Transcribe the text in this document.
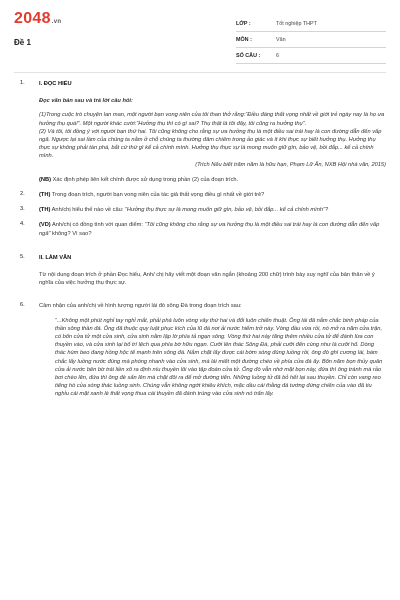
2048.vn
Đề 1
LỚP :	Tốt nghiệp THPT
MÔN :	Văn
SỐ CÂU :	6
1.	I. ĐỌC HIỂU
Đọc văn bản sau và trả lời câu hỏi:
(1)Trong cuộc trò chuyện lan man, một người bạn vong niên của tôi than thở rằng:“Điều đáng thất vọng nhất về giới trẻ ngày nay là họ ưa hưởng thụ quá!”. Một người khác cười:“Hưởng thụ thì có gì sai? Thụ thật là tôi đây, tôi cũng ra hưởng thụ”.
(2) Và tôi, tôi đồng ý với người bạn thứ hai. Tôi cũng không cho rằng sự ưa hưởng thụ là một điều sai trái hay là con đường dẫn đến vấp ngã. Ngược lại sai lầm của chúng ta nằm ở chỗ chúng ta thường đâm chiêm trong ảo giác và ít khi thực sự biết hưởng thụ. Hưởng thụ thực sự không phải tàn phá, bắt cứ thứ gì kể cả chính mình. Hưởng thụ thực sự là mong muốn giữ gìn, bảo vệ, bồi đắp... kể cả chính mình.
(Trích Nếu biết trăm năm là hữu hạn, Phạm Lữ Ân, NXB Hội nhà văn, 2015)
(NB) Xác định phép liên kết chính được sử dụng trong phần (2) của đoạn trích.
2.	(TH) Trong đoạn trích, người bạn vong niên của tác giả thất vọng điều gì nhất về giới trẻ?
3.	(TH) Anh/chị hiểu thế nào về câu: “Hưởng thụ thực sự là mong muốn giữ gìn, bảo vệ, bồi đắp... kể cả chính mình”?
4.	(VD) Anh/chị có đồng tình với quan điểm: “Tôi cũng không cho rằng sự ưa hưởng thụ là một điều sai trái hay là con đường dẫn đến vấp ngã” không? Vì sao?
5.	II. LÀM VĂN
Từ nội dung đoạn trích ở phần Đọc hiểu, Anh/ chị hãy viết một đoạn văn ngắn (khoảng 200 chữ) trình bày suy nghĩ của bản thân về ý nghĩa của việc hưởng thụ thực sự.
6.	Cảm nhận của anh/chị về hình tượng người lái đò sông Đà trong đoạn trích sau:
“...Không một phút nghỉ tay nghỉ mắt, phải phá luôn vòng vây thứ hai và đổi luôn chiến thuật. Ông lái đã nắm chắc binh pháp của thần sông thần đá. Ông đã thuộc quy luật phục kích của lũ đá nơi ải nước hiểm trở này. Vòng đầu vừa rồi, nó mở ra năm cửa trận, có bốn cửa tử một cửa sinh, cửa sinh nằm lập lờ phía tả ngạn sông. Vòng thứ hai này tăng thêm nhiều cửa tử để đánh lừa con thuyền vào, và cửa sinh lại bố trí lệch qua phía bờ hữu ngạn. Cưỡi lên thác Sông Đà, phải cưỡi đến cùng như là cưỡi hổ. Dòng thác hùm beo đang hồng hộc tế mạnh trên sông đá. Nắm chặt lấy được cái bờm sóng đúng luồng rồi, ông đò ghì cương lái, bám chắc lấy luồng nước đúng mà phóng nhanh vào cửa sinh, mà lái miết một đường chéo về phía cửa đá ấy. Bốn năm bọn thủy quân cửa ải nước bên bờ trái liền xô ra định níu thuyền lôi vào tập đoàn cửa tử. Ông đò vẫn nhớ mặt bọn này, đứa thì ông tránh mà rảo bơi chèo lên, đứa thì ông đè sấn lên mà chặt đôi ra để mở đường tiến. Những luồng tử đã bỏ hết lại sau thuyền. Chỉ còn vang reo tiếng hò của sóng thác luồng sinh. Chúng vẫn không ngớt khiêu khích, mặc dầu cái thằng đá tướng đứng chiến của vào đã tiu nghỉu cái mặt xanh lè thất vọng thua cái thuyền đã đánh trúng vào cửa sinh nó trấn lấy.
